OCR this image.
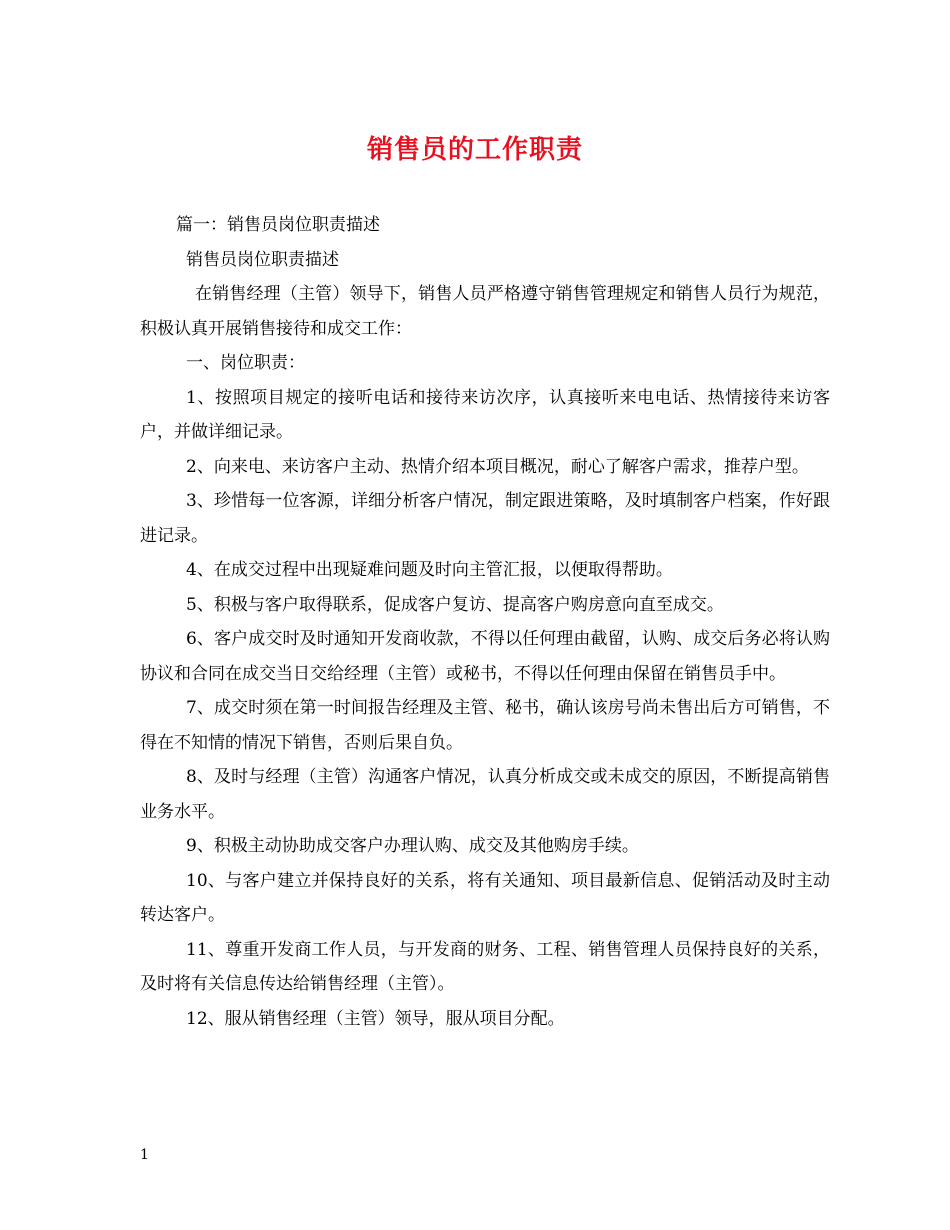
销售员的工作职责

篇一：销售员岗位职责描述

销售员岗位职责描述

在销售经理（主管）领导下，销售人员严格遵守销售管理规定和销售人员行为规范，积极认真开展销售接待和成交工作：

一、岗位职责：

1、按照项目规定的接听电话和接待来访次序，认真接听来电电话、热情接待来访客户，并做详细记录。

2、向来电、来访客户主动、热情介绍本项目概况，耐心了解客户需求，推荐户型。

3、珍惜每一位客源，详细分析客户情况，制定跟进策略，及时填制客户档案，作好跟进记录。

4、在成交过程中出现疑难问题及时向主管汇报，以便取得帮助。

5、积极与客户取得联系，促成客户复访、提高客户购房意向直至成交。

6、客户成交时及时通知开发商收款，不得以任何理由截留，认购、成交后务必将认购协议和合同在成交当日交给经理（主管）或秘书，不得以任何理由保留在销售员手中。

7、成交时须在第一时间报告经理及主管、秘书，确认该房号尚未售出后方可销售，不得在不知情的情况下销售，否则后果自负。

8、及时与经理（主管）沟通客户情况，认真分析成交或未成交的原因，不断提高销售业务水平。

9、积极主动协助成交客户办理认购、成交及其他购房手续。

10、与客户建立并保持良好的关系，将有关通知、项目最新信息、促销活动及时主动转达客户。

11、尊重开发商工作人员，与开发商的财务、工程、销售管理人员保持良好的关系，及时将有关信息传达给销售经理（主管）。

12、服从销售经理（主管）领导，服从项目分配。

1
